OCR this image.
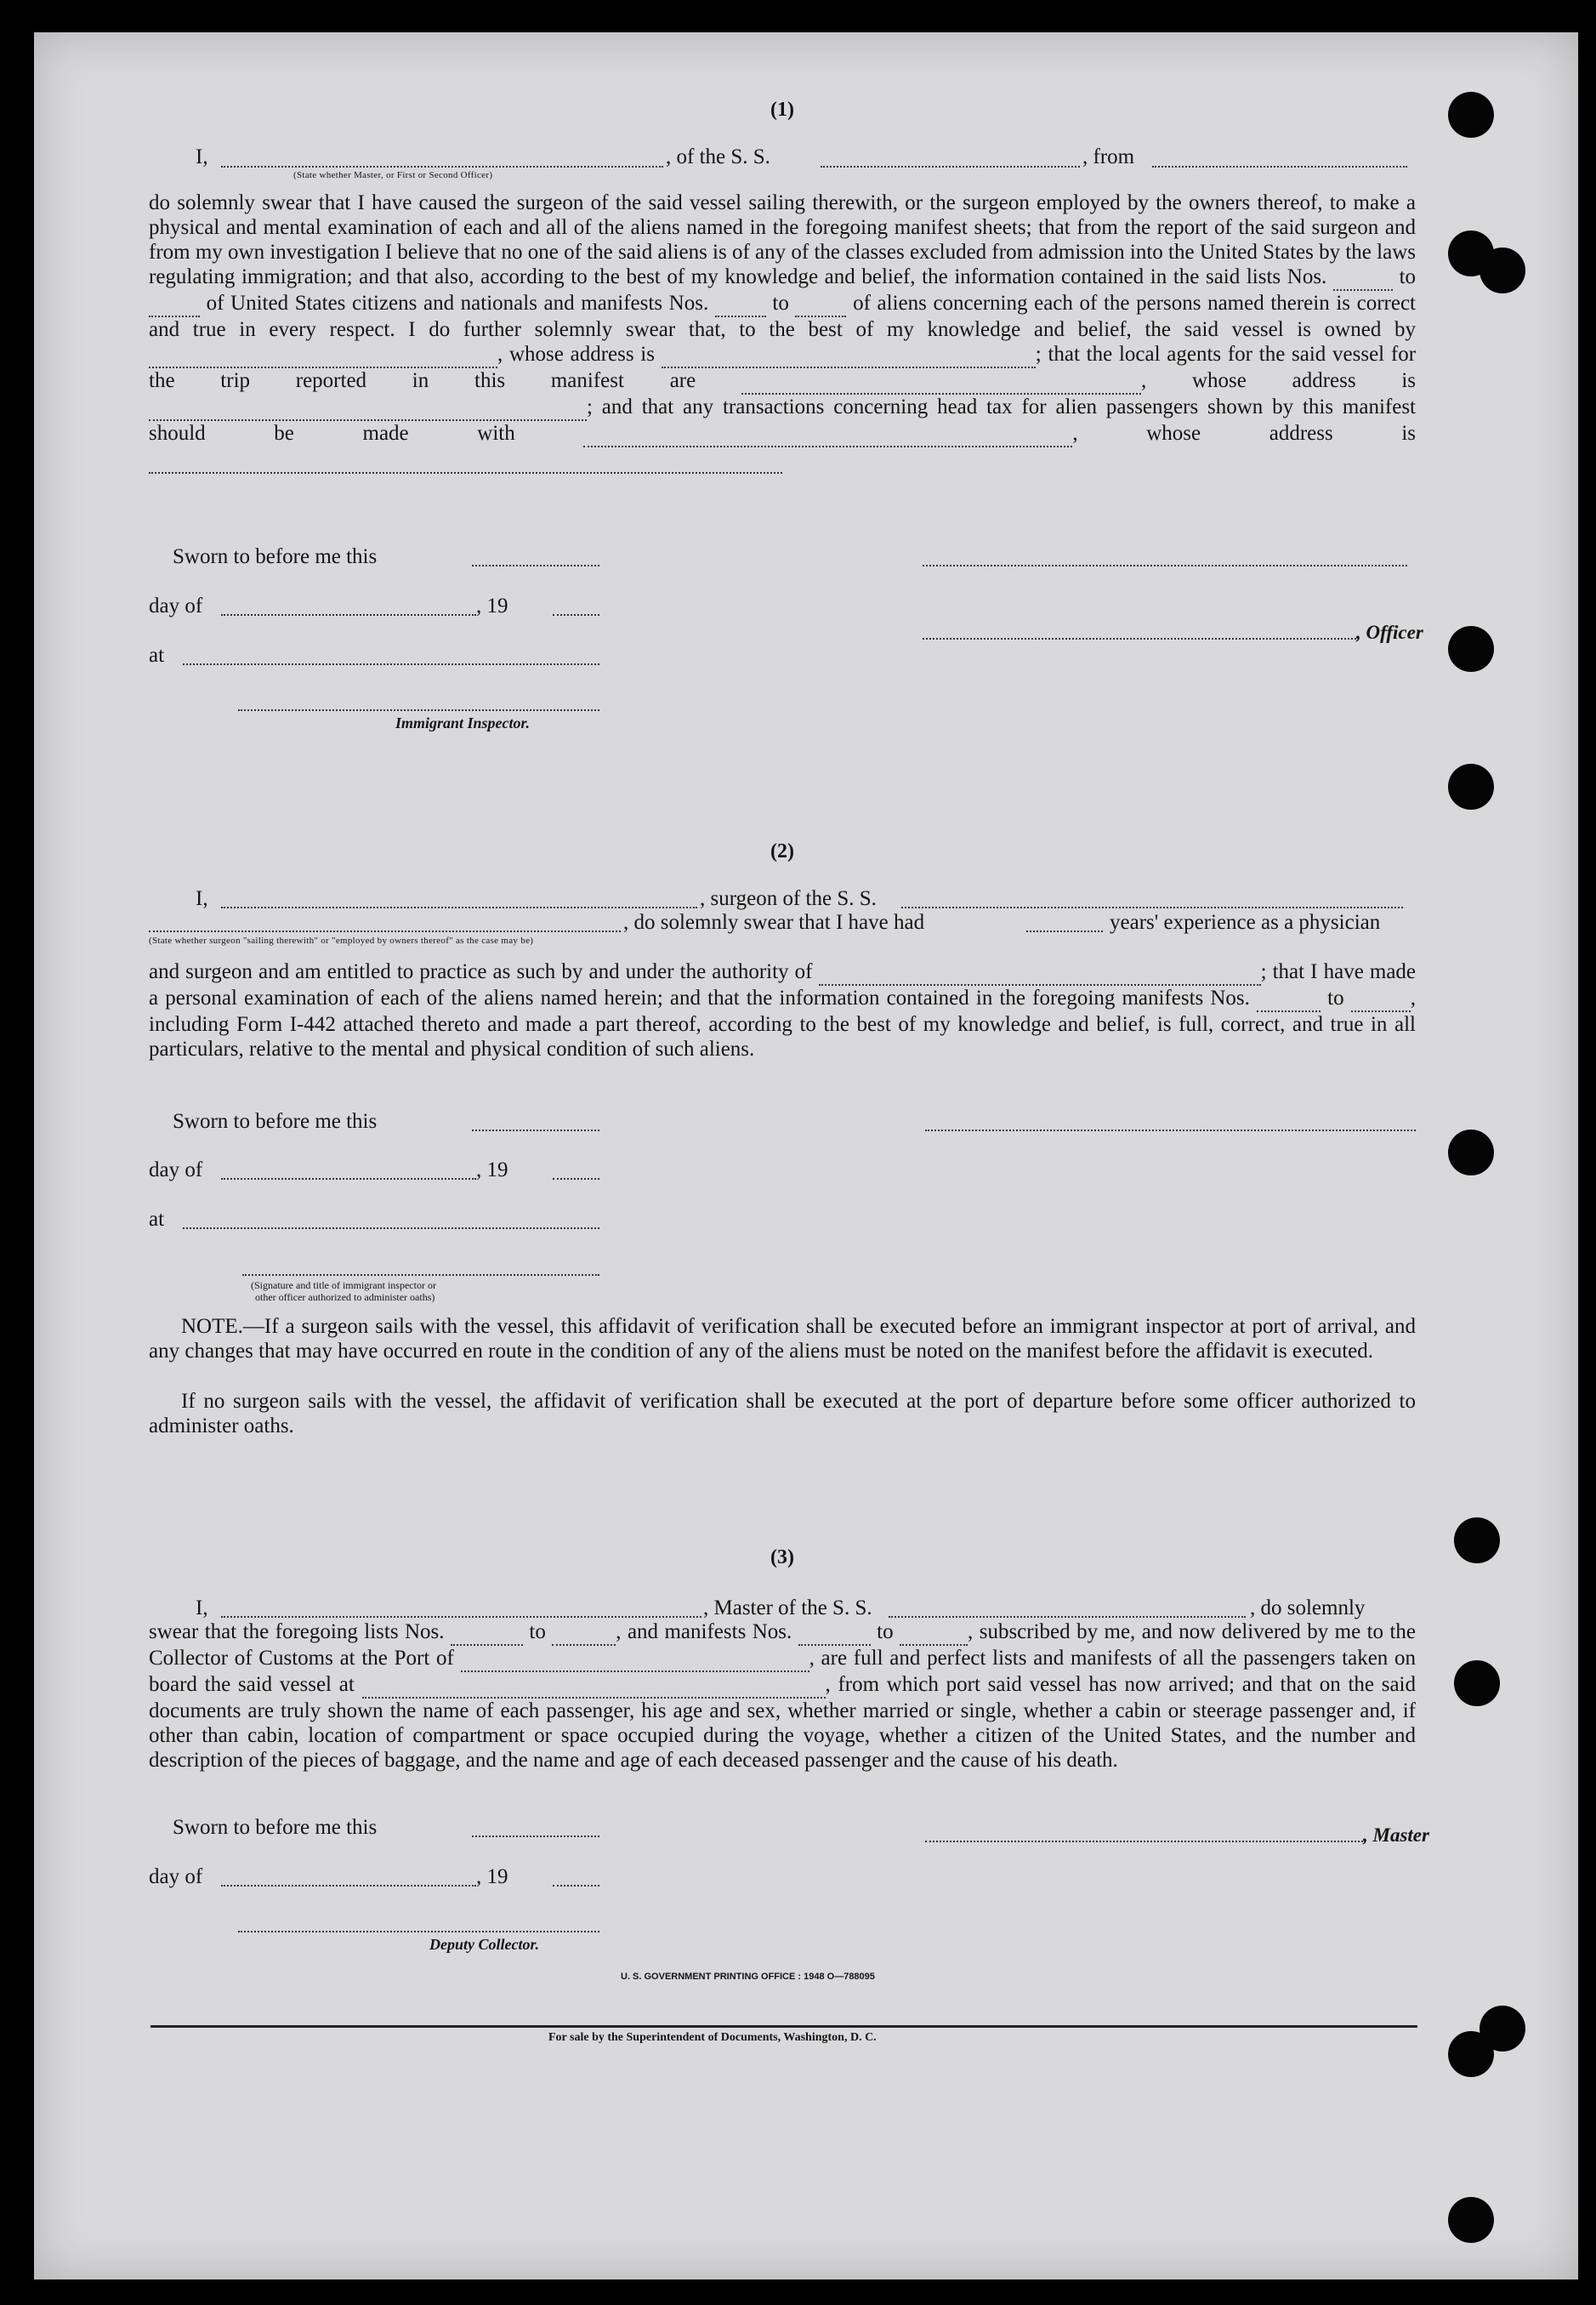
(1)
I,	, of the S. S.	, from
(State whether Master, or First or Second Officer)
do solemnly swear that I have caused the surgeon of the said vessel sailing therewith, or the surgeon employed by the owners thereof, to make a physical and mental examination of each and all of the aliens named in the foregoing manifest sheets; that from the report of the said surgeon and from my own investigation I believe that no one of the said aliens is of any of the classes excluded from admission into the United States by the laws regulating immigration; and that also, according to the best of my knowledge and belief, the information contained in the said lists Nos.	to   of United States citizens and nationals and manifests Nos.	to	of aliens concerning each of the persons named therein is correct and true in every respect. I do further solemnly swear that, to the best of my knowledge and belief, the said vessel is owned by  , whose address is	; that the local agents for the said vessel for the trip reported in this manifest are	, whose address is  ; and that any transactions concerning head tax for alien passengers shown by this manifest should be made with	, whose address is
Sworn to before me this
day of	, 19
, Officer
at
Immigrant Inspector.
(2)
I,	, surgeon of the S. S.
, do solemnly swear that I have had	years' experience as a physician
(State whether surgeon "sailing therewith" or "employed by owners thereof" as the case may be)
and surgeon and am entitled to practice as such by and under the authority of	; that I have made a personal examination of each of the aliens named herein; and that the information contained in the foregoing manifests Nos.	to	, including Form I-442 attached thereto and made a part thereof, according to the best of my knowledge and belief, is full, correct, and true in all particulars, relative to the mental and physical condition of such aliens.
Sworn to before me this
day of	, 19
at
(Signature and title of immigrant inspector or
other officer authorized to administer oaths)
NOTE.—If a surgeon sails with the vessel, this affidavit of verification shall be executed before an immigrant inspector at port of arrival, and any changes that may have occurred en route in the condition of any of the aliens must be noted on the manifest before the affidavit is executed.
If no surgeon sails with the vessel, the affidavit of verification shall be executed at the port of departure before some officer authorized to administer oaths.
(3)
I,	, Master of the S. S.	, do solemnly
swear that the foregoing lists Nos.	to	, and manifests Nos.	to	, subscribed by me, and now delivered by me to the Collector of Customs at the Port of	, are full and perfect lists and manifests of all the passengers taken on board the said vessel at	, from which port said vessel has now arrived; and that on the said documents are truly shown the name of each passenger, his age and sex, whether married or single, whether a cabin or steerage passenger and, if other than cabin, location of compartment or space occupied during the voyage, whether a citizen of the United States, and the number and description of the pieces of baggage, and the name and age of each deceased passenger and the cause of his death.
Sworn to before me this	, Master
day of	, 19
Deputy Collector.
U. S. GOVERNMENT PRINTING OFFICE : 1948 O—788095
For sale by the Superintendent of Documents, Washington, D. C.
